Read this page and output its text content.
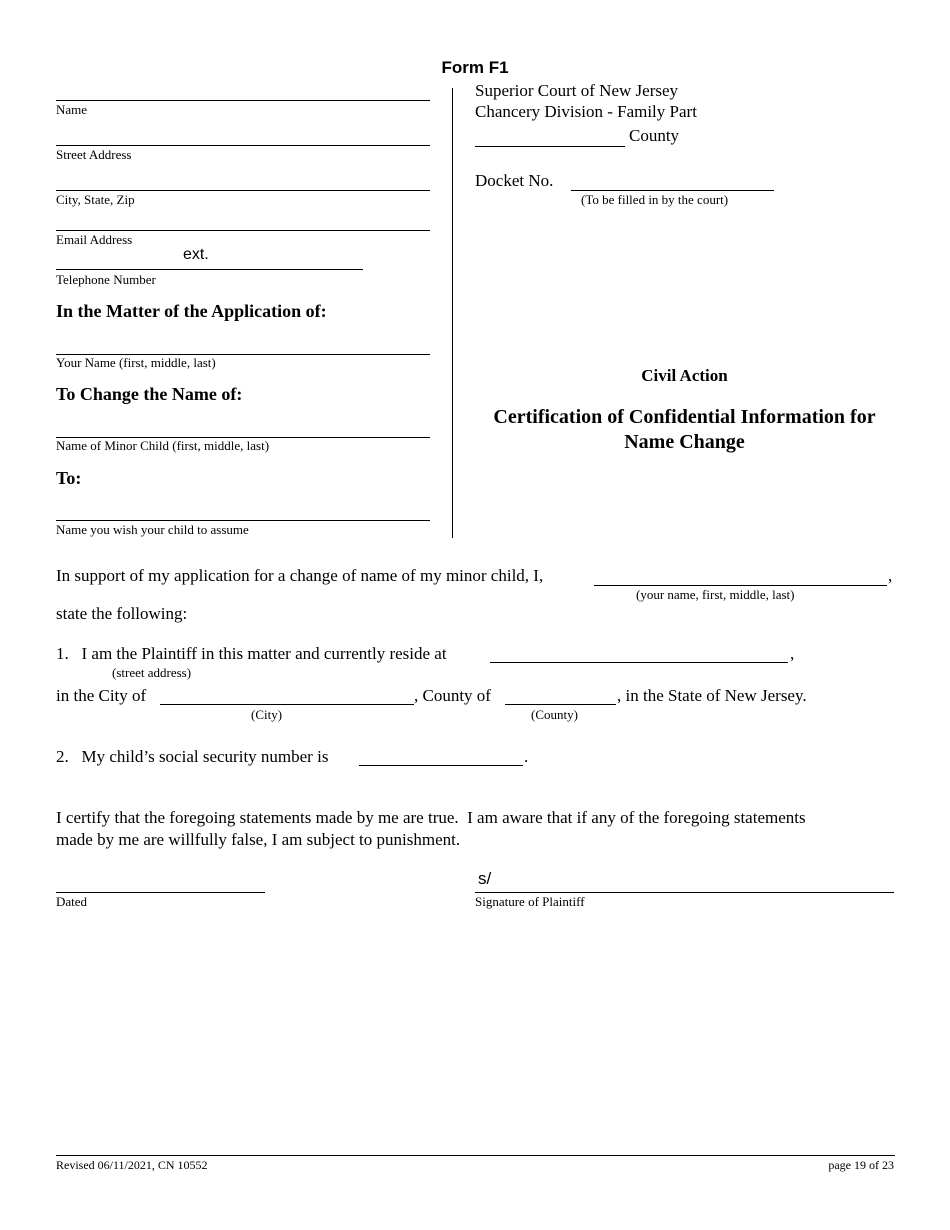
Form F1
Name
Street Address
City, State, Zip
Email Address
ext.
Telephone Number
In the Matter of the Application of:
Your Name (first, middle, last)
To Change the Name of:
Name of Minor Child (first, middle, last)
To:
Name you wish your child to assume
Superior Court of New Jersey
Chancery Division - Family Part
County
Docket No.
(To be filled in by the court)
Civil Action
Certification of Confidential Information for
Name Change
In support of my application for a change of name of my minor child, I,	,
(your name, first, middle, last)
state the following:
1.   I am the Plaintiff in this matter and currently reside at	,
(street address)
in the City of	, County of	, in the State of New Jersey.
(City)	(County)
2.   My child’s social security number is	.
I certify that the foregoing statements made by me are true.  I am aware that if any of the foregoing statements
made by me are willfully false, I am subject to punishment.
Dated
s/
Signature of Plaintiff
Revised 06/11/2021, CN 10552	page 19 of 23
